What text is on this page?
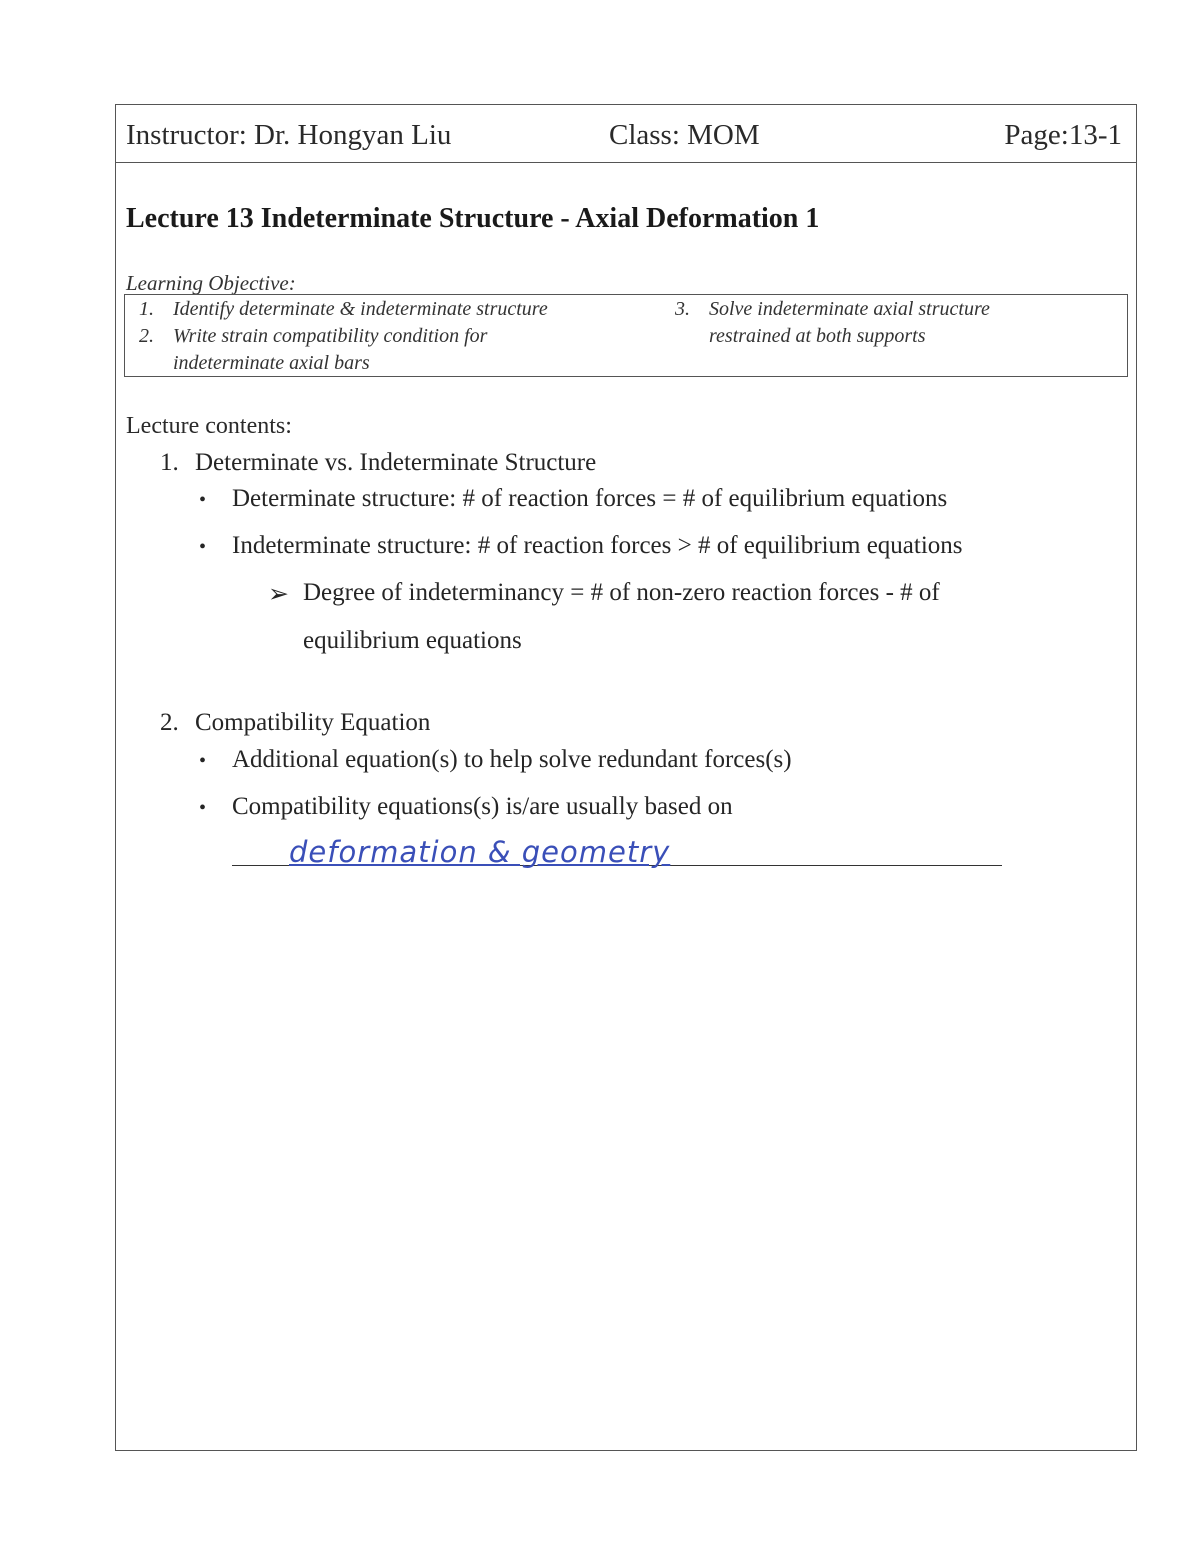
Instructor: Dr. Hongyan Liu	Class: MOM	Page:13-1
Lecture 13 Indeterminate Structure - Axial Deformation 1
Learning Objective:
1. Identify determinate & indeterminate structure
2. Write strain compatibility condition for
indeterminate axial bars
3. Solve indeterminate axial structure
restrained at both supports
Lecture contents:
1. Determinate vs. Indeterminate Structure
• Determinate structure: # of reaction forces = # of equilibrium equations
• Indeterminate structure: # of reaction forces > # of equilibrium equations
➢ Degree of indeterminancy = # of non-zero reaction forces - # of
equilibrium equations
2. Compatibility Equation
• Additional equation(s) to help solve redundant forces(s)
• Compatibility equations(s) is/are usually based on
deformation & geometry
